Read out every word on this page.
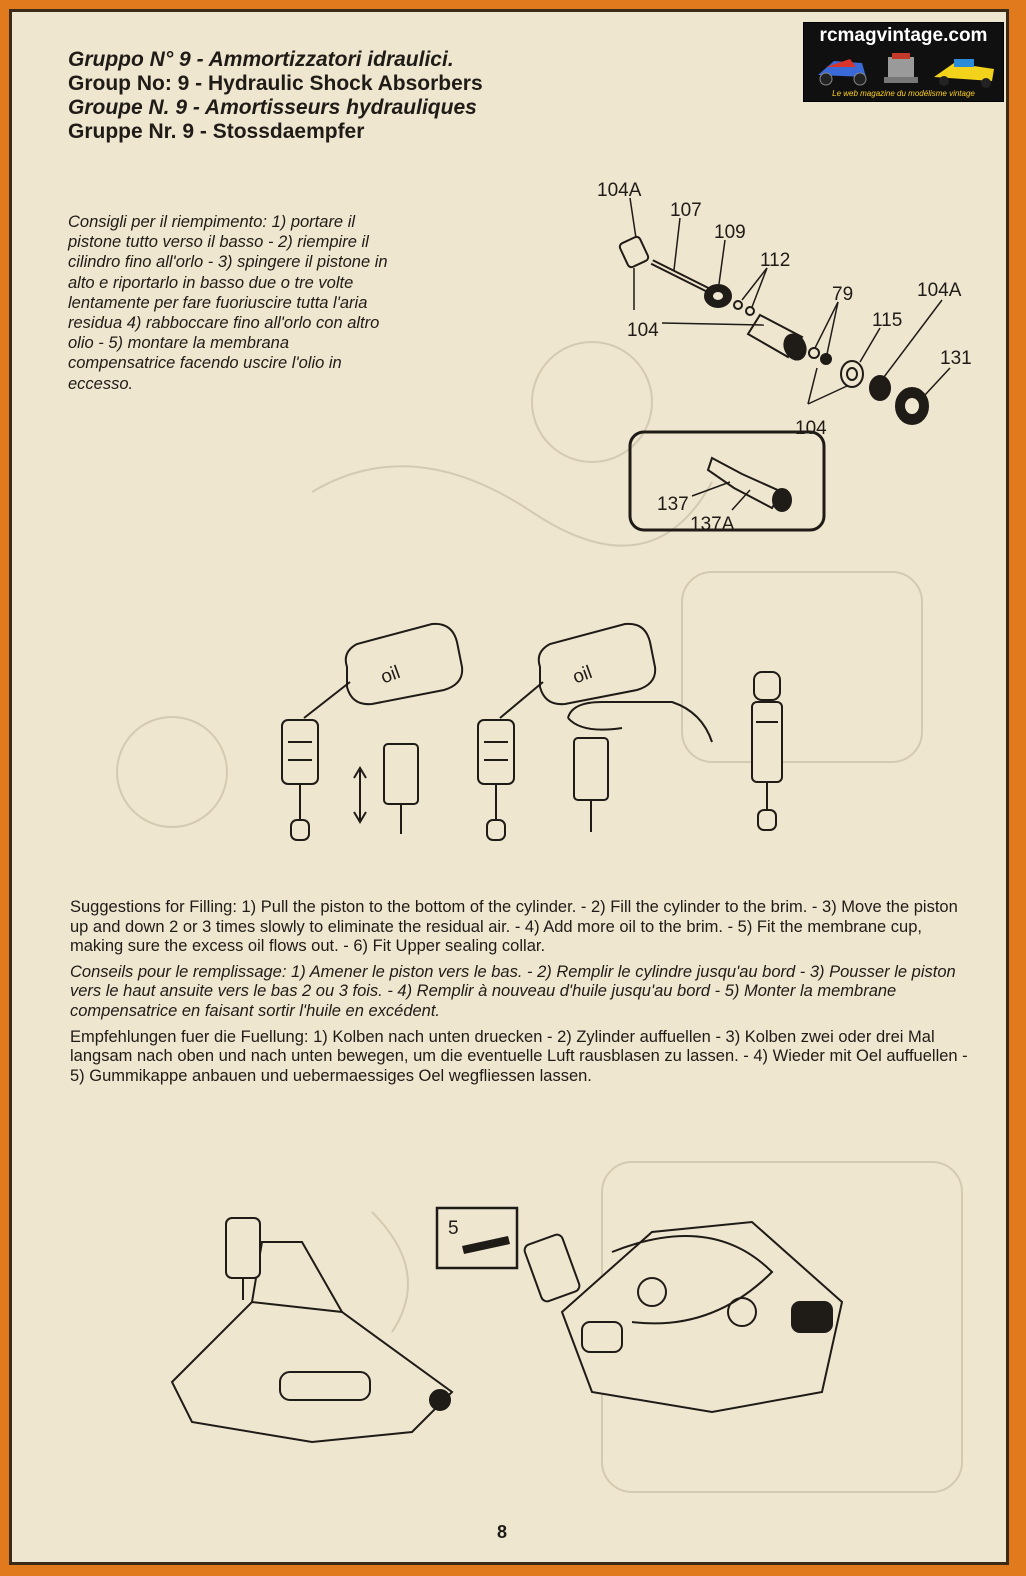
104A
107
109
112
104
79	104A
115
131
104
137
137A
oil	oil
5
Gruppo N° 9 - Ammortizzatori idraulici.
Group No: 9 - Hydraulic Shock Absorbers
Groupe N. 9 - Amortisseurs hydrauliques
Gruppe Nr. 9 - Stossdaempfer
rcmagvintage.com
Le web magazine du modélisme vintage
Consigli per il riempimento: 1) portare il pistone tutto verso il basso - 2) riempire il cilindro fino all'orlo - 3) spingere il pistone in alto e riportarlo in basso due o tre volte lentamente per fare fuoriuscire tutta l'aria residua 4) rabboccare fino all'orlo con altro olio - 5) montare la membrana compensatrice facendo uscire l'olio in eccesso.

Suggestions for Filling: 1) Pull the piston to the bottom of the cylinder. - 2) Fill the cylinder to the brim. - 3) Move the piston up and down 2 or 3 times slowly to eliminate the residual air. - 4) Add more oil to the brim. - 5) Fit the membrane cup, making sure the excess oil flows out. - 6) Fit Upper sealing collar.

Conseils pour le remplissage: 1) Amener le piston vers le bas. - 2) Remplir le cylindre jusqu'au bord - 3) Pousser le piston vers le haut ansuite vers le bas 2 ou 3 fois. - 4) Remplir à nouveau d'huile jusqu'au bord - 5) Monter la membrane compensatrice en faisant sortir l'huile en excédent.

Empfehlungen fuer die Fuellung: 1) Kolben nach unten druecken - 2) Zylinder auffuellen - 3) Kolben zwei oder drei Mal langsam nach oben und nach unten bewegen, um die eventuelle Luft rausblasen zu lassen. - 4) Wieder mit Oel auffuellen - 5) Gummikappe anbauen und uebermaessiges Oel wegfliessen lassen.

8
